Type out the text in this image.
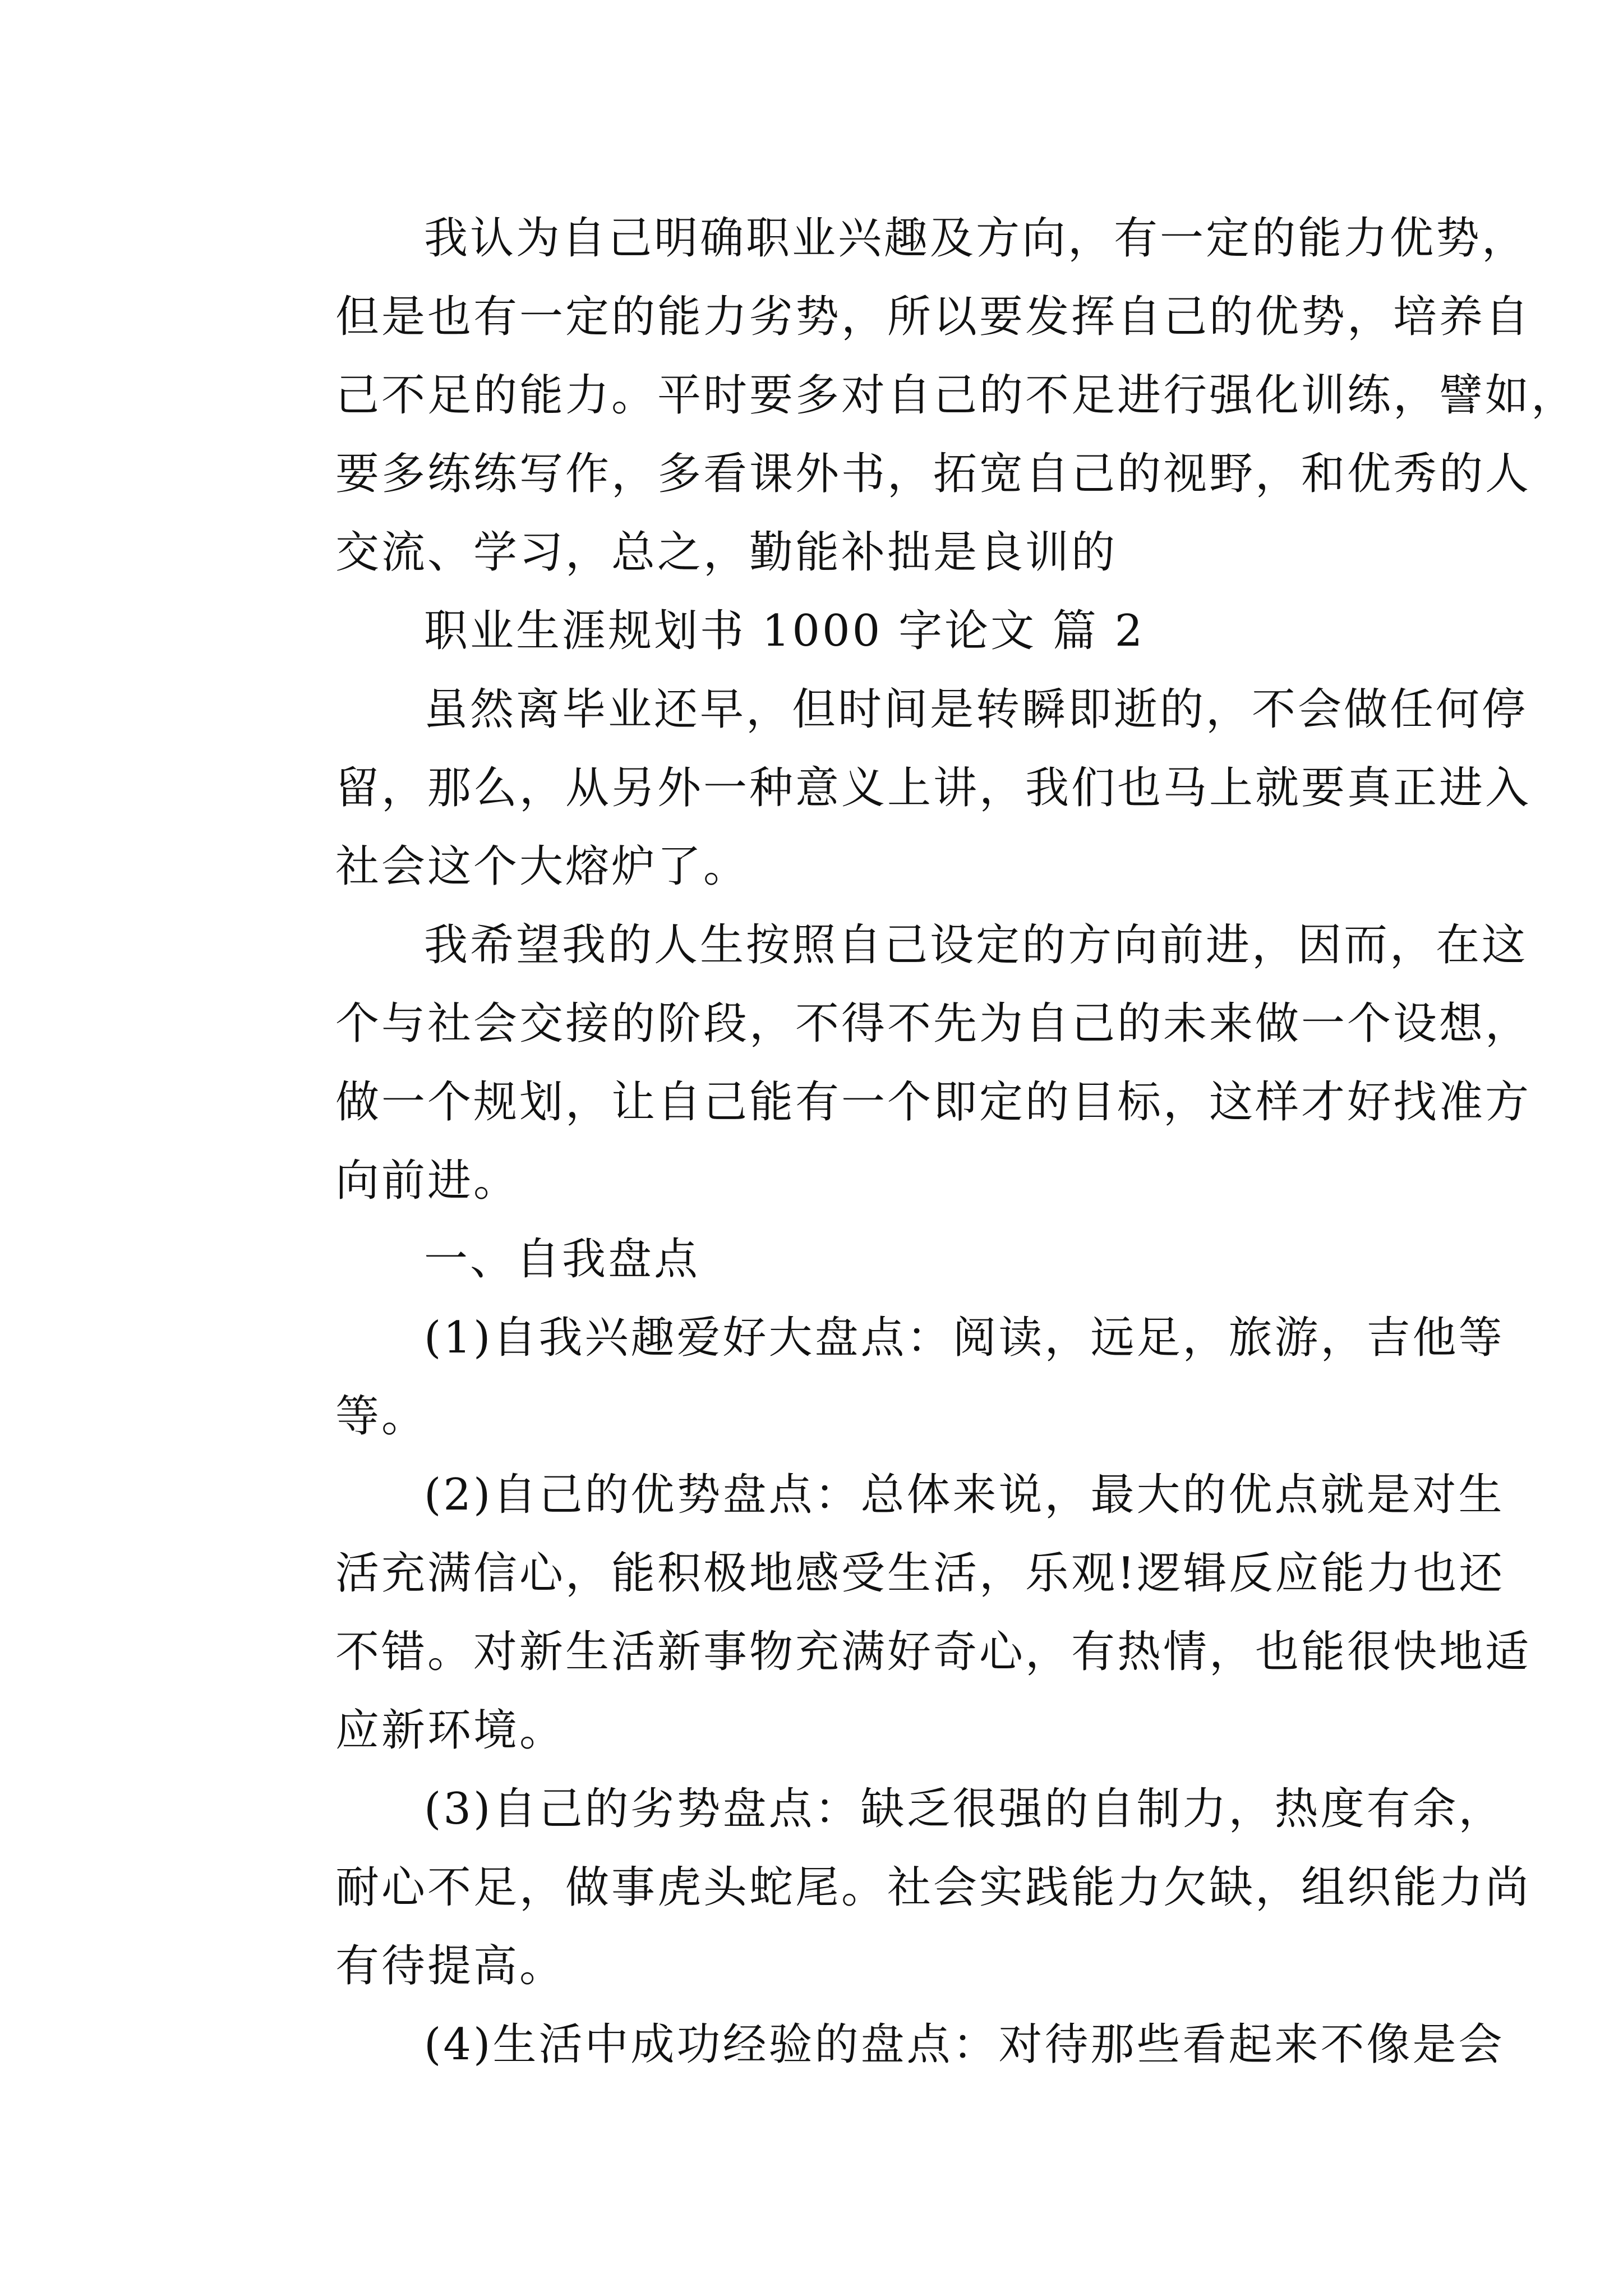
我认为自己明确职业兴趣及方向，有一定的能力优势，
但是也有一定的能力劣势，所以要发挥自己的优势，培养自
己不足的能力。平时要多对自己的不足进行强化训练，譬如，
要多练练写作，多看课外书，拓宽自己的视野，和优秀的人
交流、学习，总之，勤能补拙是良训的

职业生涯规划书 1000 字论文 篇 2

虽然离毕业还早，但时间是转瞬即逝的，不会做任何停
留，那么，从另外一种意义上讲，我们也马上就要真正进入
社会这个大熔炉了。

我希望我的人生按照自己设定的方向前进，因而，在这
个与社会交接的阶段，不得不先为自己的未来做一个设想，
做一个规划，让自己能有一个即定的目标，这样才好找准方
向前进。

一、自我盘点

(1)自我兴趣爱好大盘点：阅读，远足，旅游，吉他等
等。

(2)自己的优势盘点：总体来说，最大的优点就是对生
活充满信心，能积极地感受生活，乐观!逻辑反应能力也还
不错。对新生活新事物充满好奇心，有热情，也能很快地适
应新环境。

(3)自己的劣势盘点：缺乏很强的自制力，热度有余，
耐心不足，做事虎头蛇尾。社会实践能力欠缺，组织能力尚
有待提高。

(4)生活中成功经验的盘点：对待那些看起来不像是会
